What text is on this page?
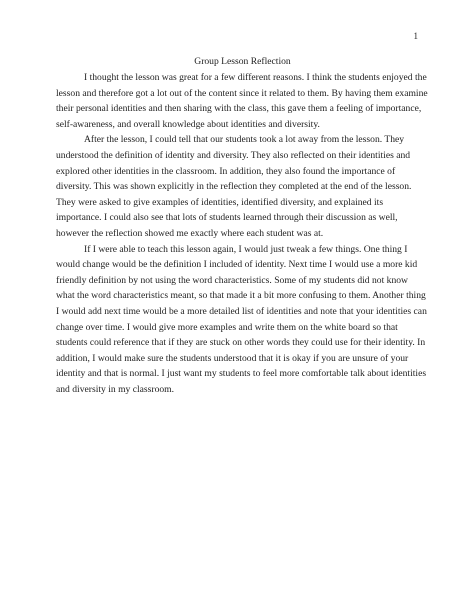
1

Group Lesson Reflection

I thought the lesson was great for a few different reasons. I think the students enjoyed the lesson and therefore got a lot out of the content since it related to them. By having them examine their personal identities and then sharing with the class, this gave them a feeling of importance, self-awareness, and overall knowledge about identities and diversity.

After the lesson, I could tell that our students took a lot away from the lesson. They understood the definition of identity and diversity. They also reflected on their identities and explored other identities in the classroom. In addition, they also found the importance of diversity. This was shown explicitly in the reflection they completed at the end of the lesson. They were asked to give examples of identities, identified diversity, and explained its importance. I could also see that lots of students learned through their discussion as well, however the reflection showed me exactly where each student was at.

If I were able to teach this lesson again, I would just tweak a few things. One thing I would change would be the definition I included of identity. Next time I would use a more kid friendly definition by not using the word characteristics. Some of my students did not know what the word characteristics meant, so that made it a bit more confusing to them. Another thing I would add next time would be a more detailed list of identities and note that your identities can change over time. I would give more examples and write them on the white board so that students could reference that if they are stuck on other words they could use for their identity. In addition, I would make sure the students understood that it is okay if you are unsure of your identity and that is normal. I just want my students to feel more comfortable talk about identities and diversity in my classroom.
